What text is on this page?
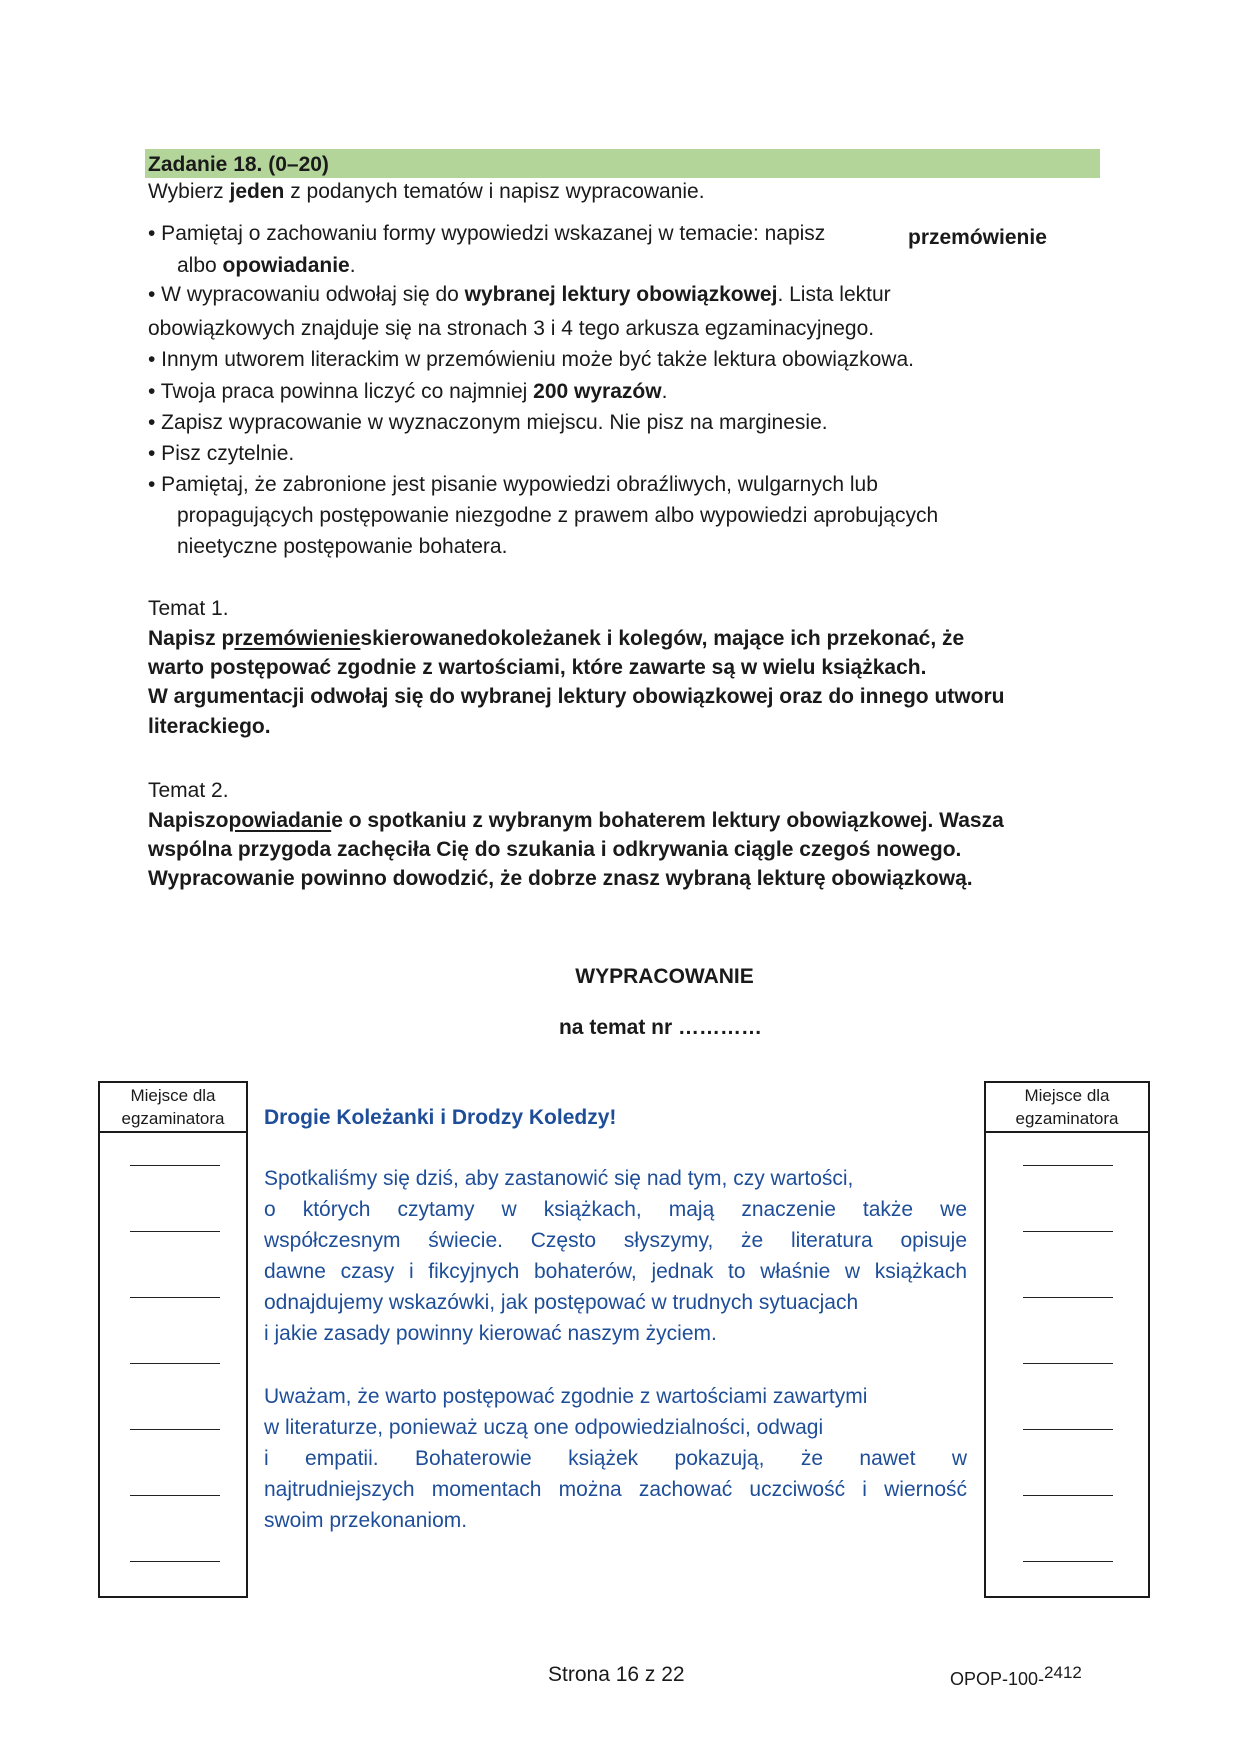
Zadanie 18. (0–20)
Wybierz jeden z podanych tematów i napisz wypracowanie.
• Pamiętaj o zachowaniu formy wypowiedzi wskazanej w temacie: napisz	przemówienie
albo opowiadanie.
• W wypracowaniu odwołaj się do wybranej lektury obowiązkowej. Lista lektur
obowiązkowych znajduje się na stronach 3 i 4 tego arkusza egzaminacyjnego.
• Innym utworem literackim w przemówieniu może być także lektura obowiązkowa.
• Twoja praca powinna liczyć co najmniej 200 wyrazów.
• Zapisz wypracowanie w wyznaczonym miejscu. Nie pisz na marginesie.
• Pisz czytelnie.
• Pamiętaj, że zabronione jest pisanie wypowiedzi obraźliwych, wulgarnych lub
propagujących postępowanie niezgodne z prawem albo wypowiedzi aprobujących
nieetyczne postępowanie bohatera.
Temat 1.
Napisz przemówienieskierowanedokoleżanek i kolegów, mające ich przekonać, że
warto postępować zgodnie z wartościami, które zawarte są w wielu książkach.
W argumentacji odwołaj się do wybranej lektury obowiązkowej oraz do innego utworu
literackiego.
Temat 2.
Napiszopowiadanie o spotkaniu z wybranym bohaterem lektury obowiązkowej. Wasza
wspólna przygoda zachęciła Cię do szukania i odkrywania ciągle czegoś nowego.
Wypracowanie powinno dowodzić, że dobrze znasz wybraną lekturę obowiązkową.
WYPRACOWANIE
na temat nr …………
Miejsce dla
egzaminatora
Miejsce dla
egzaminatora
Drogie Koleżanki i Drodzy Koledzy!
Spotkaliśmy się dziś, aby zastanowić się nad tym, czy wartości,
o których czytamy w książkach, mają znaczenie także we
współczesnym świecie. Często słyszymy, że literatura opisuje
dawne czasy i fikcyjnych bohaterów, jednak to właśnie w książkach
odnajdujemy wskazówki, jak postępować w trudnych sytuacjach
i jakie zasady powinny kierować naszym życiem.
Uważam, że warto postępować zgodnie z wartościami zawartymi
w literaturze, ponieważ uczą one odpowiedzialności, odwagi
i empatii. Bohaterowie książek pokazują, że nawet w
najtrudniejszych momentach można zachować uczciwość i wierność
swoim przekonaniom.
Strona 16 z 22	OPOP-100-2412
